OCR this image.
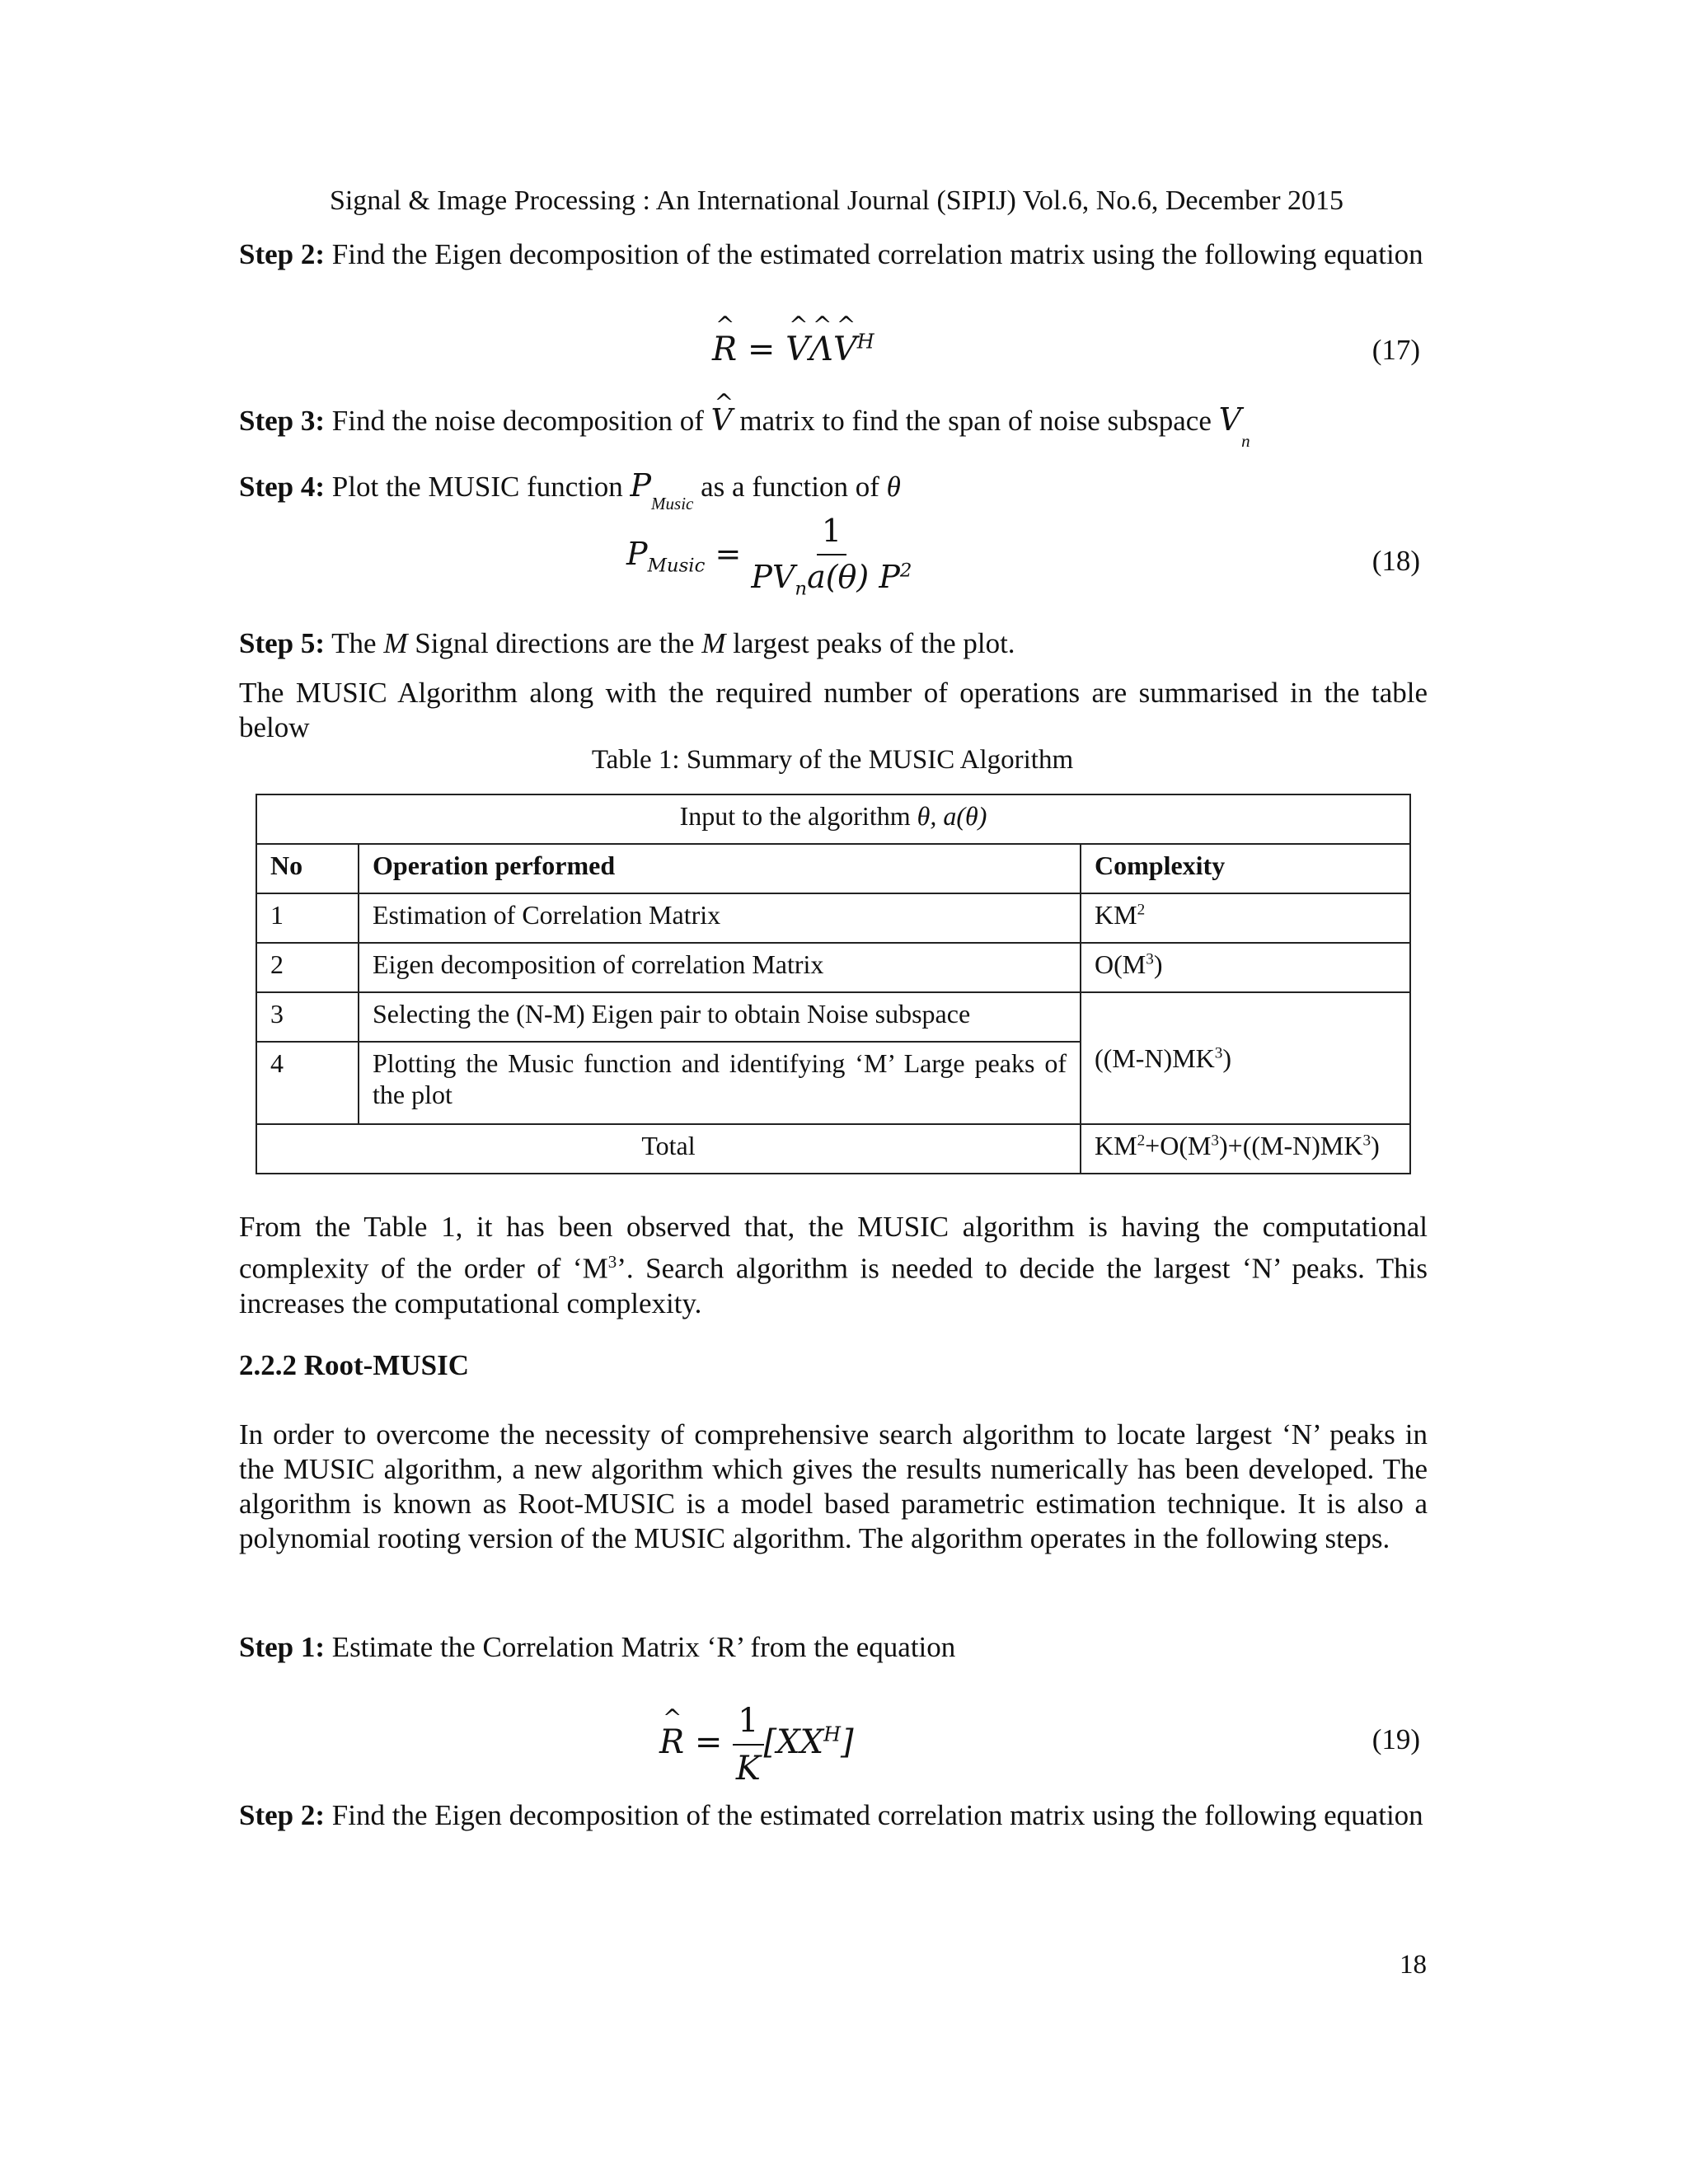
Signal & Image Processing : An International Journal (SIPIJ) Vol.6, No.6, December 2015
Step 2: Find the Eigen decomposition of the estimated correlation matrix using the following equation
^ R = ^ V^ Λ^ $V^H$	(17)
Step 3: Find the noise decomposition of ^ V matrix to find the span of noise subspace $V_n$
Step 4: Plot the MUSIC function $P_{Music}$ as a function of θ
$P_{Music} = \frac{1}{PV_na(\theta) P^2}$	(18)
Step 5: The M Signal directions are the M largest peaks of the plot.
The MUSIC Algorithm along with the required number of operations are summarised in the table below
Table 1: Summary of the MUSIC Algorithm
Input to the algorithm θ, a(θ)		
No	Operation performed	Complexity
1	Estimation of Correlation Matrix	$KM^2$
2	Eigen decomposition of correlation Matrix	$O(M^3)$
3	Selecting the (N-M) Eigen pair to obtain Noise subspace	$((M-N)MK^3)$
4	Plotting the Music function and identifying ‘M’ Large peaks of the plot	
Total		$KM^2+O(M^3)+((M-N)MK^3)$
From the Table 1, it has been observed that, the MUSIC algorithm is having the computational complexity of the order of ‘$M^3$’. Search algorithm is needed to decide the largest ‘N’ peaks. This increases the computational complexity.
2.2.2 Root-MUSIC
In order to overcome the necessity of comprehensive search algorithm to locate largest ‘N’ peaks in the MUSIC algorithm, a new algorithm which gives the results numerically has been developed. The algorithm is known as Root-MUSIC is a model based parametric estimation technique. It is also a polynomial rooting version of the MUSIC algorithm. The algorithm operates in the following steps.
Step 1: Estimate the Correlation Matrix ‘R’ from the equation
^ $R = \frac{1}{K} [XX^H]$	(19)
Step 2: Find the Eigen decomposition of the estimated correlation matrix using the following equation
18
